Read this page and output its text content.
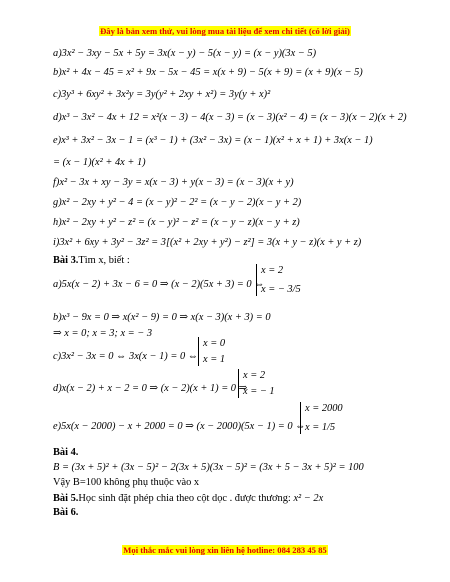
Đây là bản xem thử, vui lòng mua tài liệu để xem chi tiết (có lời giải)
a)3x² − 3xy − 5x + 5y = 3x(x − y) − 5(x − y) = (x − y)(3x − 5)
b)x² + 4x − 45 = x² + 9x − 5x − 45 = x(x + 9) − 5(x + 9) = (x + 9)(x − 5)
c)3y³ + 6xy² + 3x²y = 3y(y² + 2xy + x²) = 3y(y + x)²
d)x³ − 3x² − 4x + 12 = x²(x − 3) − 4(x − 3) = (x − 3)(x² − 4) = (x − 3)(x − 2)(x + 2)
e)x³ + 3x² − 3x − 1 = (x³ − 1) + (3x² − 3x) = (x − 1)(x² + x + 1) + 3x(x − 1)
= (x − 1)(x² + 4x + 1)
f)x² − 3x + xy − 3y = x(x − 3) + y(x − 3) = (x − 3)(x + y)
g)x² − 2xy + y² − 4 = (x − y)² − 2² = (x − y − 2)(x − y + 2)
h)x² − 2xy + y² − z² = (x − y)² − z² = (x − y − z)(x − y + z)
i)3x² + 6xy + 3y² − 3z² = 3[(x² + 2xy + y²) − z²] = 3(x + y − z)(x + y + z)
Bài 3.Tìm x, biết :
a)5x(x − 2) + 3x − 6 = 0 ⇒ (x − 2)(5x + 3) = 0 ⇔
x = 2
x = − 3/5
b)x³ − 9x = 0 ⇒ x(x² − 9) = 0 ⇒ x(x − 3)(x + 3) = 0
⇒ x = 0; x = 3; x = − 3
c)3x² − 3x = 0 ⇔ 3x(x − 1) = 0 ⇔
x = 0
x = 1
d)x(x − 2) + x − 2 = 0 ⇒ (x − 2)(x + 1) = 0 ⇒
x = 2
x = − 1
e)5x(x − 2000) − x + 2000 = 0 ⇒ (x − 2000)(5x − 1) = 0 ⇔
x = 2000
x = 1/5
Bài 4.
B = (3x + 5)² + (3x − 5)² − 2(3x + 5)(3x − 5)² = (3x + 5 − 3x + 5)² = 100
Vậy B=100 không phụ thuộc vào x
Bài 5.Học sinh đặt phép chia theo cột dọc . được thương: x² − 2x
Bài 6.
Mọi thắc mắc vui lòng xin liên hệ hotline: 084 283 45 85
